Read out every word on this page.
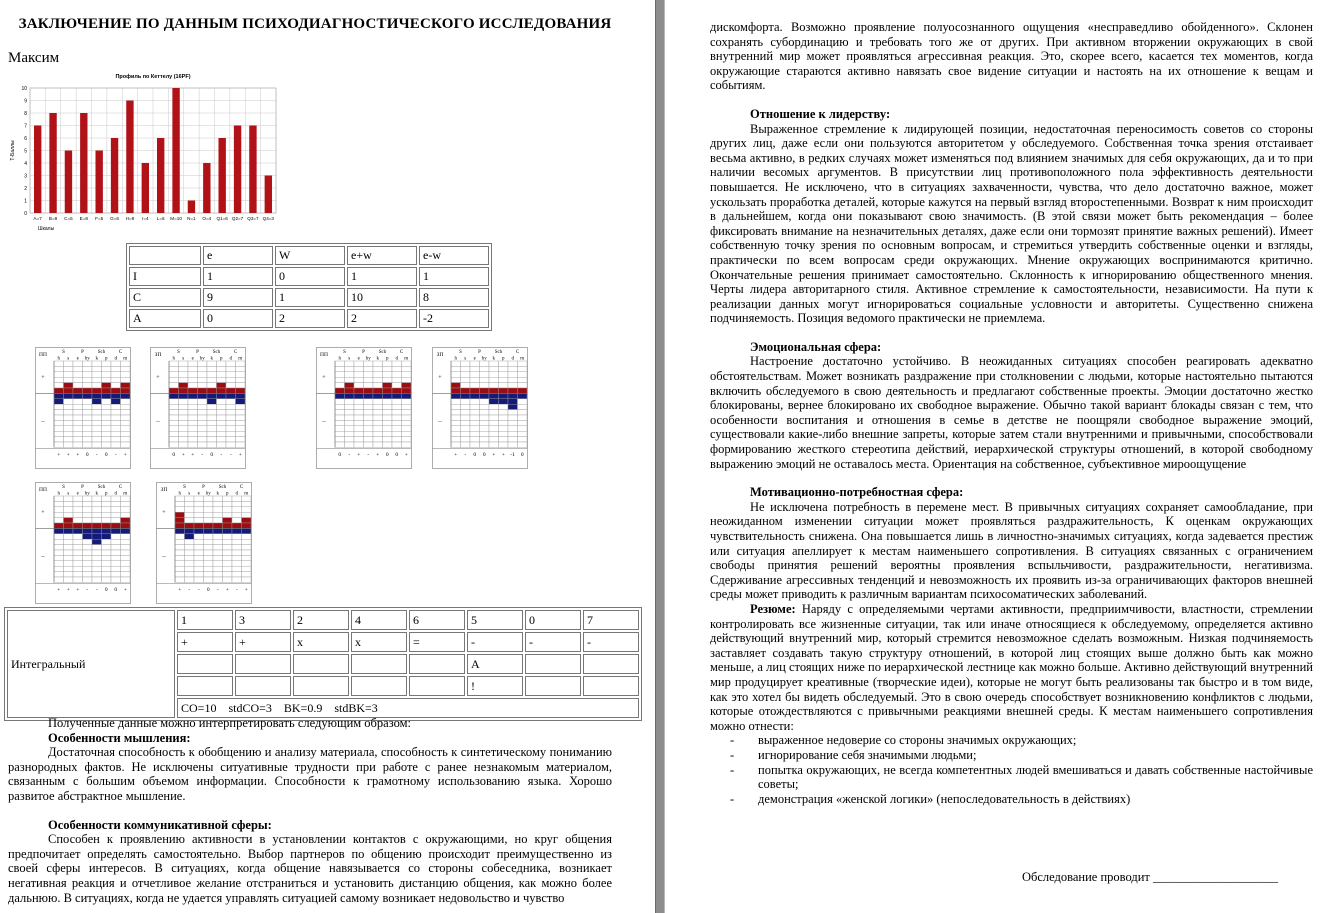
ЗАКЛЮЧЕНИЕ ПО ДАННЫМ ПСИХОДИАГНОСТИЧЕСКОГО ИССЛЕДОВАНИЯ
Максим
Профиль по Кеттелу (16PF)
0
1
2
3
4
5
6
7
8
9
10
A=7 B=8 C=5 E=8 F=5 G=6 H=9 I=4 L=6 M=10 N=1 O=4 Q1=6 Q2=7 Q3=7 Q4=3
Шкалы
Т-Баллы
	e	W	e+w	e-w
I	1	0	1	1
C	9	1	10	8
A	0	2	2	-2
ПП	S	P	Sch	C
h s e hy k p d m
+
--
+ + + 0 - 0 - +
ЗП	S	P	Sch	C
h s e hy k p d m
+
--
0 + + - 0 - - +
ПП	S	P	Sch	C
h s e hy k p d m
+
--
0 - + - + 0 0 +
ЗП	S	P	Sch	C
h s e hy k p d m
+
--
+ - 0 0 + + -1 0
ПП	S	P	Sch	C
h s e hy k p d m
+
--
+ + + - - 0 0 +
ЗП	S	P	Sch	C
h s e hy k p d m
+
--
+ - - 0 - + - +
Интегральный	1	3	2	4	6	5	0	7
	+	+	x	x	=	-	-	-
						A		
						!		
	CO=10    stdCO=3    BK=0.9    stdBK=3							

Полученные данные можно интерпретировать следующим образом:

Особенности мышления:

Достаточная способность к обобщению и анализу материала, способность к синтетическому пониманию разнородных фактов. Не исключены ситуативные трудности при работе с ранее незнакомым материалом, связанным с большим объемом информации. Способности к грамотному использованию языка. Хорошо развитое абстрактное мышление.

Особенности коммуникативной сферы:

Способен к проявлению активности в установлении контактов с окружающими, но круг общения предпочитает определять самостоятельно. Выбор партнеров по общению происходит преимущественно из своей сферы интересов. В ситуациях, когда общение навязывается со стороны собеседника, возникает негативная реакция и отчетливое желание отстраниться и установить дистанцию общения, как можно более дальнюю. В ситуациях, когда не удается управлять ситуацией самому возникает недовольство и чувство

дискомфорта. Возможно проявление полуосознанного ощущения «несправедливо обойденного». Склонен сохранять субординацию и требовать того же от других. При активном вторжении окружающих в свой внутренний мир может проявляться агрессивная реакция. Это, скорее всего, касается тех моментов, когда окружающие стараются активно навязать свое видение ситуации и настоять на их отношение к вещам и событиям.

Отношение к лидерству:

Выраженное стремление к лидирующей позиции, недостаточная переносимость советов со стороны других лиц, даже если они пользуются авторитетом у обследуемого. Собственная точка зрения отстаивает весьма активно, в редких случаях может изменяться под влиянием значимых для себя окружающих, да и то при наличии весомых аргументов. В присутствии лиц противоположного пола эффективность деятельности повышается. Не исключено, что в ситуациях захваченности, чувства, что дело достаточно важное, может ускользать проработка деталей, которые кажутся на первый взгляд второстепенными. Возврат к ним происходит в дальнейшем, когда они показывают свою значимость. (В этой связи может быть рекомендация – более фиксировать внимание на незначительных деталях, даже если они тормозят принятие важных решений). Имеет собственную точку зрения по основным вопросам, и стремиться утвердить собственные оценки и взгляды, практически по всем вопросам среди окружающих. Мнение окружающих воспринимаются критично. Окончательные решения принимает самостоятельно. Склонность к игнорированию общественного мнения. Черты лидера авторитарного стиля. Активное стремление к самостоятельности, независимости. На пути к реализации данных могут игнорироваться социальные условности и авторитеты. Существенно снижена подчиняемость. Позиция ведомого практически не приемлема.

Эмоциональная сфера:

Настроение достаточно устойчиво. В неожиданных ситуациях способен реагировать адекватно обстоятельствам. Может возникать раздражение при столкновении с людьми, которые настоятельно пытаются включить обследуемого в свою деятельность и предлагают собственные проекты. Эмоции достаточно жестко блокированы, вернее блокировано их свободное выражение. Обычно такой вариант блокады связан с тем, что особенности воспитания и отношения в семье в детстве не поощряли свободное выражение эмоций, существовали какие-либо внешние запреты, которые затем стали внутренними и привычными, способствовали формированию жесткого стереотипа действий, иерархической структуры отношений, в которой свободному выражению эмоций не оставалось места. Ориентация на собственное, субъективное мироощущение

Мотивационно-потребностная сфера:

Не исключена потребность в перемене мест. В привычных ситуациях сохраняет самообладание, при неожиданном изменении ситуации может проявляться раздражительность, К оценкам окружающих чувствительность снижена. Она повышается лишь в личностно-значимых ситуациях, когда задевается престиж или ситуация апеллирует к местам наименьшего сопротивления. В ситуациях связанных с ограничением свободы принятия решений вероятны проявления вспыльчивости, раздражительности, негативизма. Сдерживание агрессивных тенденций и невозможность их проявить из-за ограничивающих факторов внешней среды может приводить к различным вариантам психосоматических заболеваний.

Резюме: Наряду с определяемыми чертами активности, предприимчивости, властности, стремлении контролировать все жизненные ситуации, так или иначе относящиеся к обследуемому, определяется активно действующий внутренний мир, который стремится невозможное сделать возможным. Низкая подчиняемость заставляет создавать такую структуру отношений, в которой лиц стоящих выше должно быть как можно меньше, а лиц стоящих ниже по иерархической лестнице как можно больше. Активно действующий внутренний мир продуцирует креативные (творческие идеи), которые не могут быть реализованы так быстро и в том виде, как это хотел бы видеть обследуемый. Это в свою очередь способствует возникновению конфликтов с людьми, которые отождествляются с привычными реакциями внешней среды. К местам наименьшего сопротивления можно отнести:

- выраженное недоверие со стороны значимых окружающих;
- игнорирование себя значимыми людьми;
- попытка окружающих, не всегда компетентных людей вмешиваться и давать собственные настойчивые советы;
- демонстрация «женской логики» (непоследовательность в действиях)
Обследование проводит ____________________
